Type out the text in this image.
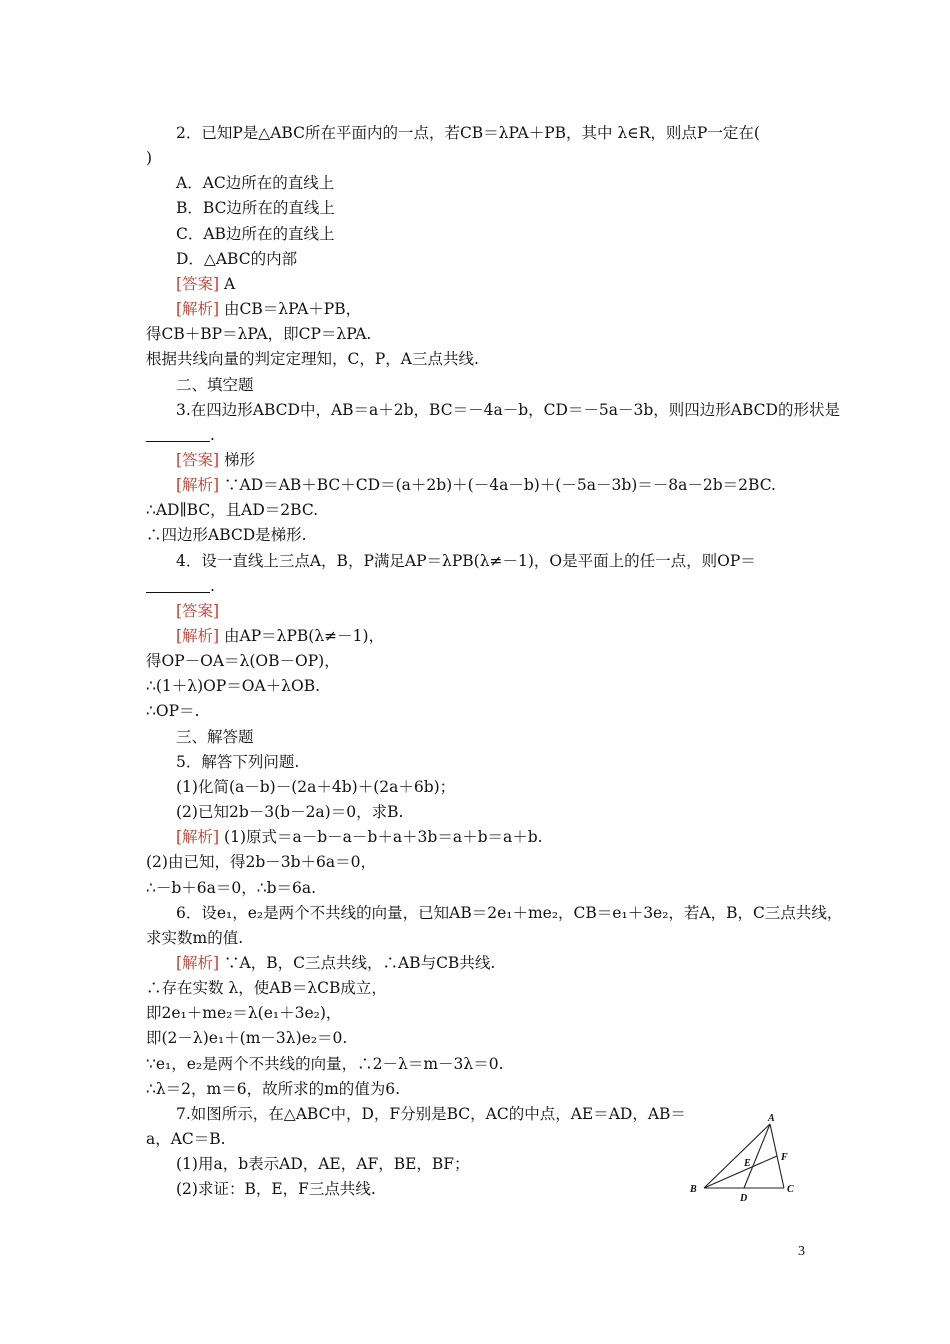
2．已知P是△ABC所在平面内的一点，若CB＝λPA＋PB，其中 λ∈R，则点P一定在(
)
A．AC边所在的直线上
B．BC边所在的直线上
C．AB边所在的直线上
D．△ABC的内部
[答案] A
[解析] 由CB＝λPA＋PB，
得CB＋BP＝λPA，即CP＝λPA.
根据共线向量的判定定理知，C，P，A三点共线.
二、填空题
3.在四边形ABCD中，AB＝a＋2b，BC＝－4a－b，CD＝－5a－3b，则四边形ABCD的形状是
.
[答案] 梯形
[解析] ∵AD＝AB＋BC＋CD＝(a＋2b)＋(－4a－b)＋(－5a－3b)＝－8a－2b＝2BC.
∴AD∥BC，且AD＝2BC.
∴四边形ABCD是梯形.
4．设一直线上三点A，B，P满足AP＝λPB(λ≠－1)，O是平面上的任一点，则OP＝
.
[答案]
[解析] 由AP＝λPB(λ≠－1)，
得OP－OA＝λ(OB－OP)，
∴(1＋λ)OP＝OA＋λOB.
∴OP＝.
三、解答题
5．解答下列问题.
(1)化简(a－b)－(2a＋4b)＋(2a＋6b)；
(2)已知2b－3(b－2a)＝0，求B.
[解析] (1)原式＝a－b－a－b＋a＋3b＝a＋b＝a＋b.
(2)由已知，得2b－3b＋6a＝0，
∴－b＋6a＝0，∴b＝6a.
6．设e₁，e₂是两个不共线的向量，已知AB＝2e₁＋me₂，CB＝e₁＋3e₂，若A，B，C三点共线，
求实数m的值.
[解析] ∵A，B，C三点共线，∴AB与CB共线.
∴存在实数 λ，使AB＝λCB成立，
即2e₁＋me₂＝λ(e₁＋3e₂)，
即(2－λ)e₁＋(m－3λ)e₂＝0.
∵e₁，e₂是两个不共线的向量，∴2－λ＝m－3λ＝0.
∴λ＝2，m＝6，故所求的m的值为6.
7.如图所示，在△ABC中，D，F分别是BC，AC的中点，AE＝AD，AB＝
a，AC＝B.
(1)用a，b表示AD，AE，AF，BE，BF；
(2)求证：B，E，F三点共线.
A
B	C
D
E
F
3
